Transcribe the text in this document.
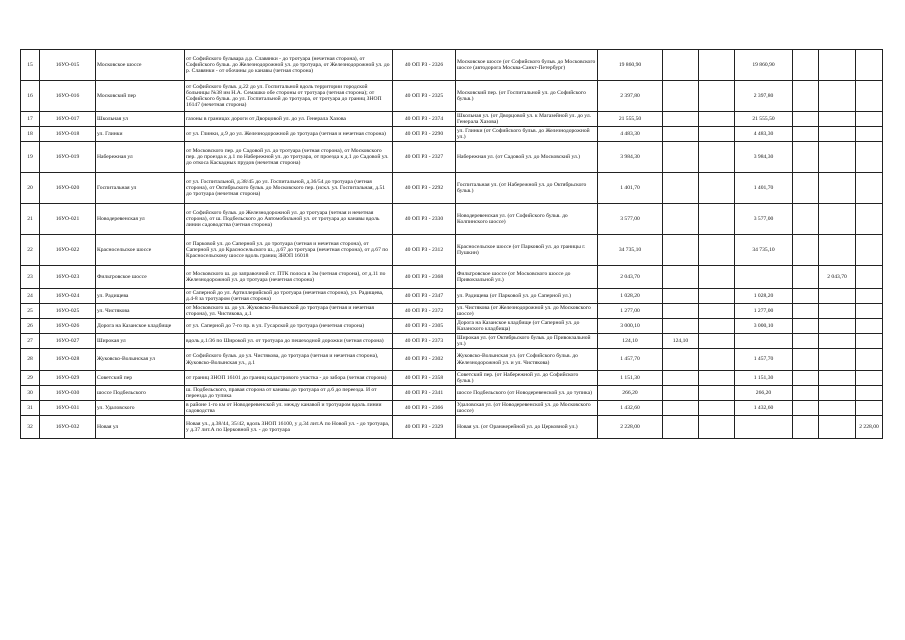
15	16УО-015	Московское шоссе	от Софийского бульвара д.р. Славянки - до тротуара (нечетная сторона), от Софийского бульв. до Железнодорожной ул. до тротуара, от Железнодорожной ул. до р. Славянки - от обочины до канавы (четная сторона)	40 ОП РЗ - 2326	Московское шоссе (от Софийского бульв. до Московского шоссе (автодорога Москва-Санкт-Петербург)	19 860,90			19 860,90			
16	16УО-016	Московский пер	от Софийского бульв. д.22 до ул. Госпитальной вдоль территории городской больницы №38 им Н.А. Семашко обе стороны от тротуара (четная сторона); от Софийского бульв. до ул. Госпитальной до тротуара, от тротуара до границ ЗНОП 16147 (нечетная сторона)	40 ОП РЗ - 2325	Московский пер. (от Госпитальной ул. до Софийского бульв.)	2 397,80			2 397,80			
17	16УО-017	Школьная ул	газоны в границах дороги от Дворцовой ул. до ул. Генерала Хазова	40 ОП РЗ - 2374	Школьная ул. (от Дворцовой ул. к Магазейной ул. до ул. Генерала Хазова)	21 555,50			21 555,50			
18	16УО-018	ул. Глинки	от ул. Глинки, д.9 до ул. Железнодорожной до тротуара (четная и нечетная сторона)	40 ОП РЗ - 2290	ул. Глинки (от Софийского бульв. до Железнодорожной ул.)	4 483,30			4 483,30			
19	16УО-019	Набережная ул	от Московского пер. до Садовой ул. до тротуара (четная сторона), от Московского пер. до проезда к д.1 по Набережной ул. до тротуара, от проезда к д.1 до Садовой ул. до откоса Каскадных прудов (нечетная сторона)	40 ОП РЗ - 2327	Набережная ул. (от Садовой ул. до Московский ул.)	3 984,30			3 984,30			
20	16УО-020	Госпитальная ул	от ул. Госпитальной, д.38/45 до ул. Госпитальной, д.36/54 до тротуара (четная сторона), от Октябрьского бульв. до Московского пер. (искл. ул. Госпитальная, д.51 до тротуара (нечетная сторона)	40 ОП РЗ - 2292	Госпитальная ул. (от Набережной ул. до Октябрьского бульв.)	1 401,70			1 401,70			
21	16УО-021	Новодеревенская ул	от Софийского бульв. до Железнодорожной ул. до тротуара (четная и нечетная сторона), от ш. Подбельского до Автомобильной ул. от тротуара до канавы вдоль линии садоводства (четная сторона)	40 ОП РЗ - 2330	Новодеревенская ул. (от Софийского бульв. до Колпинского шоссе)	3 577,00			3 577,00			
22	16УО-022	Красносельское шоссе	от Парковой ул. до Саперной ул. до тротуара (четная и нечетная сторона), от Саперной ул. до Красносельского ш., д.67 до тротуара (нечетная сторона), от д.67 по Красносельскому шоссе вдоль границ ЗНОП 16018	40 ОП РЗ - 2312	Красносельское шоссе (от Парковой ул. до границы г. Пушкин)	34 735,10			34 735,10			
23	16УО-023	Фильтровское шоссе	от Московского ш. до заправочной ст. ПТК полоса в 3м (четная сторона), от д.11 по Железнодорожной ул. до тротуара (нечетная сторона)	40 ОП РЗ - 2368	Фильтровское шоссе (от Московского шоссе до Привокзальной ул.)	2 043,70					2 043,70	
24	16УО-024	ул. Радищева	от Саперной до ул. Артиллерийской до тротуара (нечетная сторона), ул. Радищева, д.4-8 за тротуаром (четная сторона)	40 ОП РЗ - 2347	ул. Радищева (от Парковой ул. до Саперной ул.)	1 028,20			1 028,20			
25	16УО-025	ул. Чистякова	от Московского ш. до ул. Жуковско-Волынской до тротуара (четная и нечетная сторона), ул. Чистякова, д.1	40 ОП РЗ - 2372	ул. Чистякова (от Железнодорожной ул. до Московского шоссе)	1 277,00			1 277,00			
26	16УО-026	Дорога на Казанское кладбище	от ул. Саперной до 7-го пр. в ул. Гусарской до тротуара (нечетная сторона)	40 ОП РЗ - 2305	Дорога на Казанское кладбище (от Саперной ул. до Казанского кладбища)	3 000,10			3 000,10			
27	16УО-027	Широкая ул	вдоль д.1/36 по Широкой ул. от тротуара до пешеходной дорожки (четная сторона)	40 ОП РЗ - 2373	Широкая ул. (от Октябрьского бульв. до Привокзальной ул.)	124,10	124,10					
28	16УО-028	Жуковско-Волынская ул	от Софийского бульв. до ул. Чистякова, до тротуара (четная и нечетная сторона), Жуковско-Волынская ул., д.1	40 ОП РЗ - 2302	Жуковско-Волынская ул. (от Софийского бульв. до Железнодорожной ул. и ул. Чистякова)	1 457,70			1 457,70			
29	16УО-029	Советский пер	от границ ЗНОП 16101 до границ кадастрового участка - до забора (четная сторона)	40 ОП РЗ - 2358	Советский пер. (от Набережной ул. до Софийского бульв.)	1 151,30			1 151,30			
30	16УО-030	шоссе Подбельского	ш. Подбельского, правая сторона от канавы до тротуара от д.6 до переезда. И от переезда до тупика	40 ОП РЗ - 2341	шоссе Подбельского (от Новодеревенской ул. до тупика)	266,20			266,20			
31	16УО-031	ул. Удаловского	в районе 1-го км от Новодеревенской ул. между канавой и тротуаром вдоль линии садоводства	40 ОП РЗ - 2366	Удаловская ул. (от Новодеревенской ул. до Московского шоссе)	1 432,60			1 432,60			
32	16УО-032	Новая ул	Новая ул., д.38/44, 35/42, вдоль ЗНОП 16100, у д.34 лит.А по Новой ул. - до тротуара, у д.37 лит.А по Церковной ул. - до тротуара	40 ОП РЗ - 2329	Новая ул. (от Оранжерейной ул. до Церковной ул.)	2 228,00						2 228,00
